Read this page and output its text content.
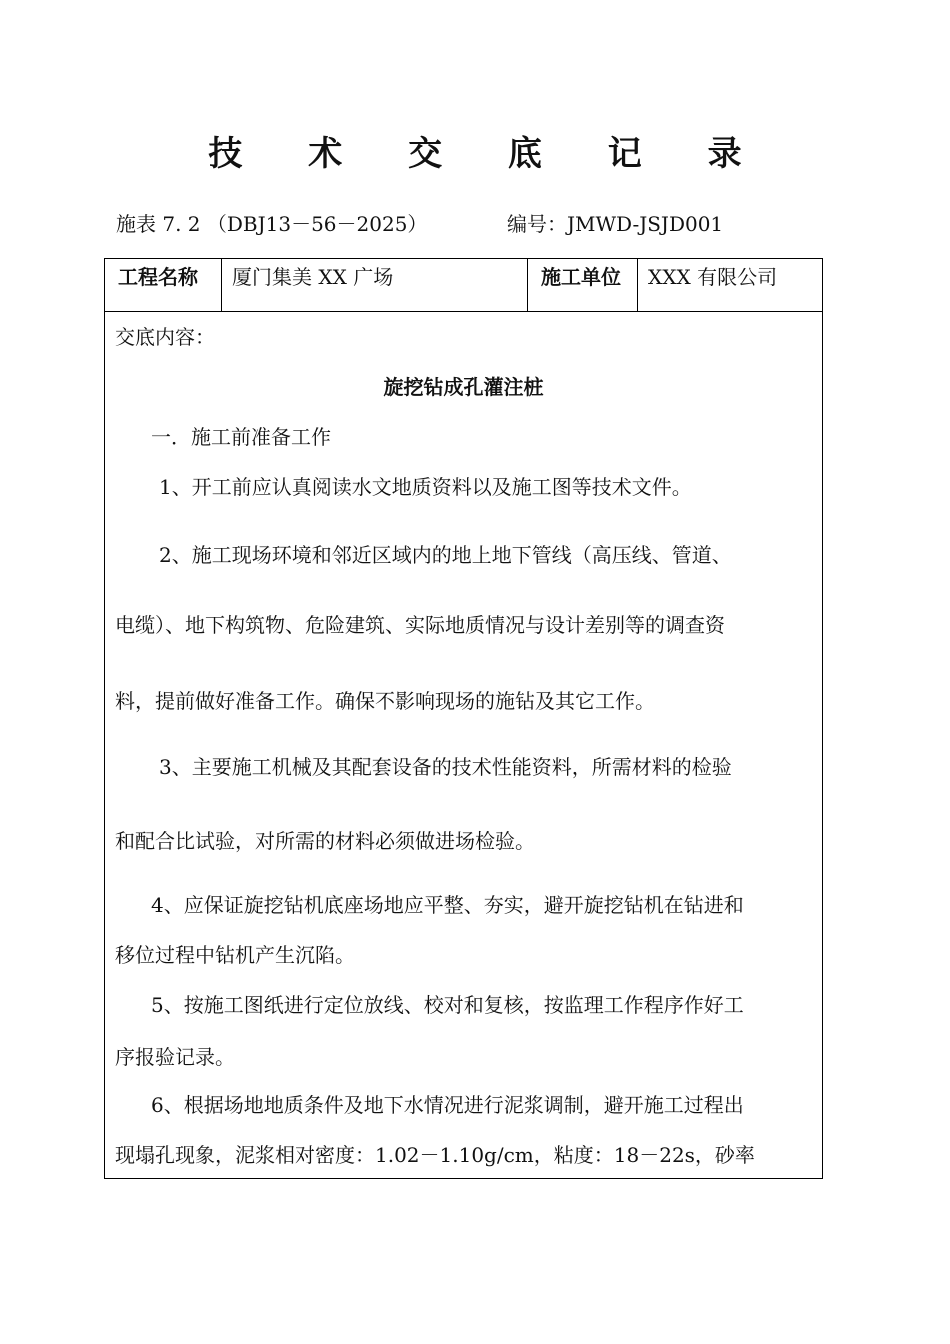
技 术 交 底 记 录
施表 7. 2 （DBJ13－56－2025）	编号：JMWD-JSJD001
工程名称 厦门集美 XX 广场	施工单位 XXX 有限公司
交底内容：
旋挖钻成孔灌注桩
一．施工前准备工作
1、开工前应认真阅读水文地质资料以及施工图等技术文件。
2、施工现场环境和邻近区域内的地上地下管线（高压线、管道、
电缆）、地下构筑物、危险建筑、实际地质情况与设计差别等的调查资
料，提前做好准备工作。确保不影响现场的施钻及其它工作。
3、主要施工机械及其配套设备的技术性能资料，所需材料的检验
和配合比试验，对所需的材料必须做进场检验。
4、应保证旋挖钻机底座场地应平整、夯实，避开旋挖钻机在钻进和
移位过程中钻机产生沉陷。
5、按施工图纸进行定位放线、校对和复核，按监理工作程序作好工
序报验记录。
6、根据场地地质条件及地下水情况进行泥浆调制，避开施工过程出
现塌孔现象，泥浆相对密度：1.02－1.10g/cm，粘度：18－22s，砂率
